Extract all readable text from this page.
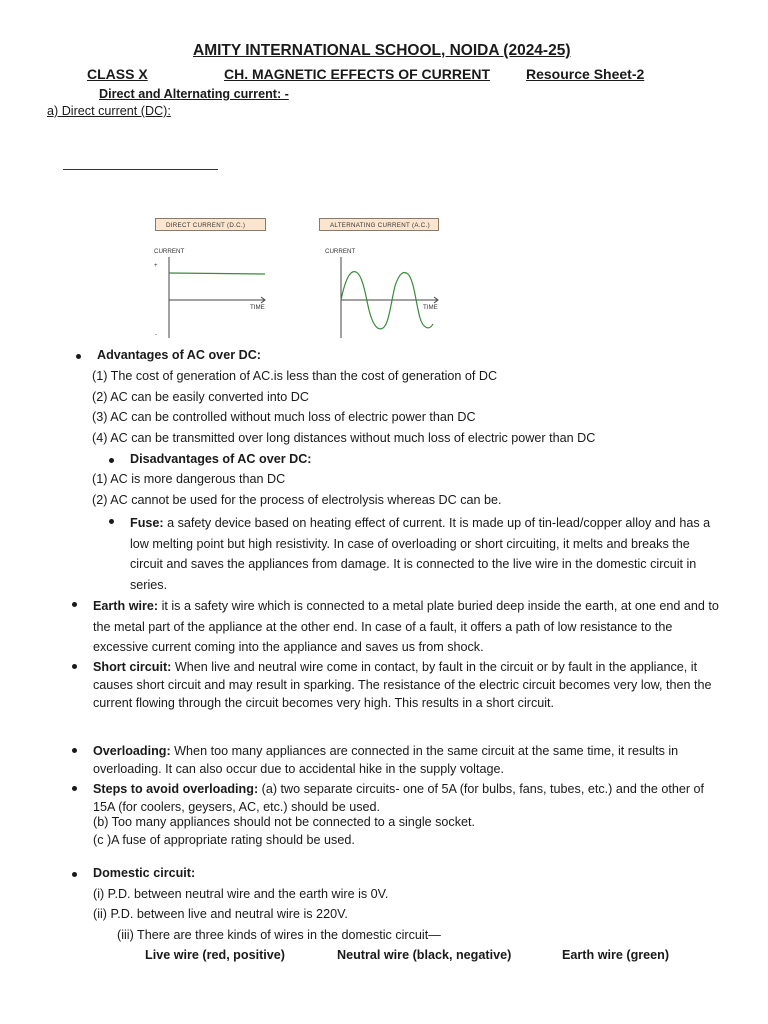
AMITY INTERNATIONAL SCHOOL, NOIDA (2024-25)
CLASS X	CH. MAGNETIC EFFECTS OF CURRENT	Resource Sheet-2
Direct and Alternating current: -
a) Direct current (DC):
DIRECT CURRENT (D.C.)	ALTERNATING CURRENT (A.C.)
CURRENT
+
-
TIME
CURRENT
TIME
Advantages of AC over DC:
(1) The cost of generation of AC.is less than the cost of generation of DC
(2) AC can be easily converted into DC
(3) AC can be controlled without much loss of electric power than DC
(4) AC can be transmitted over long distances without much loss of electric power than DC
Disadvantages of AC over DC:
(1) AC is more dangerous than DC
(2) AC cannot be used for the process of electrolysis whereas DC can be.
Fuse: a safety device based on heating effect of current. It is made up of tin-lead/copper alloy and has a low melting point but high resistivity. In case of overloading or short circuiting, it melts and breaks the circuit and saves the appliances from damage. It is connected to the live wire in the domestic circuit in series.
Earth wire: it is a safety wire which is connected to a metal plate buried deep inside the earth, at one end and to the metal part of the appliance at the other end. In case of a fault, it offers a path of low resistance to the excessive current coming into the appliance and saves us from shock.
Short circuit: When live and neutral wire come in contact, by fault in the circuit or by fault in the appliance, it causes short circuit and may result in sparking. The resistance of the electric circuit becomes very low, then the current flowing through the circuit becomes very high. This results in a short circuit.
Overloading: When too many appliances are connected in the same circuit at the same time, it results in overloading. It can also occur due to accidental hike in the supply voltage.
Steps to avoid overloading: (a) two separate circuits- one of 5A (for bulbs, fans, tubes, etc.) and the other of 15A (for coolers, geysers, AC, etc.) should be used.
(b) Too many appliances should not be connected to a single socket.
(c )A fuse of appropriate rating should be used.
Domestic circuit:
(i) P.D. between neutral wire and the earth wire is 0V.
(ii) P.D. between live and neutral wire is 220V.
(iii) There are three kinds of wires in the domestic circuit—
Live wire (red, positive)	Neutral wire (black, negative)	Earth wire (green)
